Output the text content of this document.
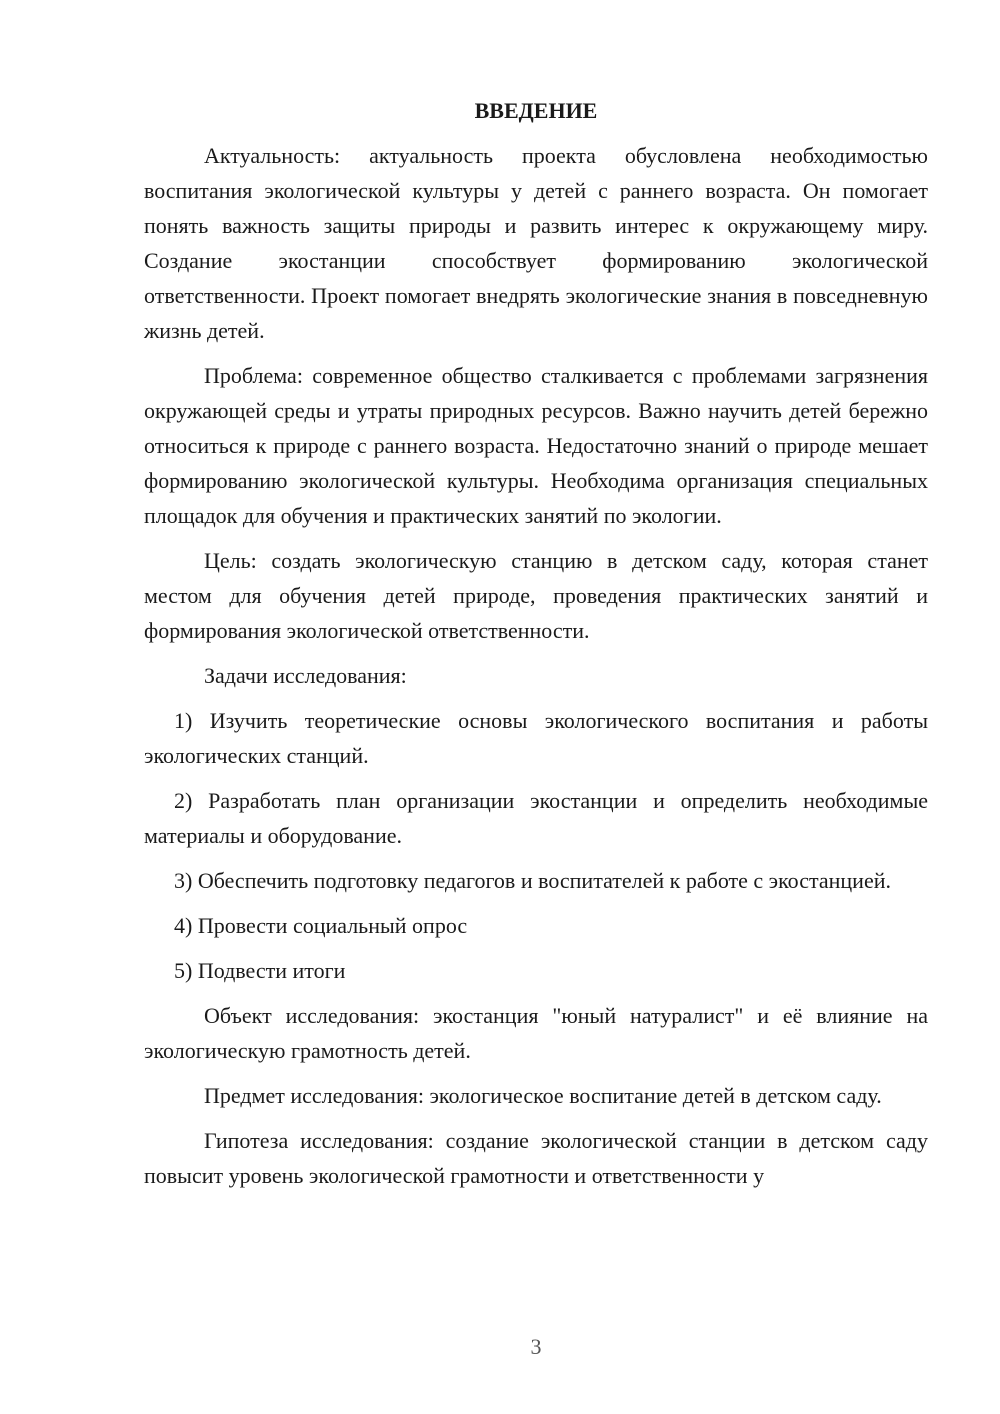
ВВЕДЕНИЕ

Актуальность: актуальность проекта обусловлена необходимостью воспитания экологической культуры у детей с раннего возраста. Он помогает понять важность защиты природы и развить интерес к окружающему миру. Создание экостанции способствует формированию экологической ответственности. Проект помогает внедрять экологические знания в повседневную жизнь детей.

Проблема: современное общество сталкивается с проблемами загрязнения окружающей среды и утраты природных ресурсов. Важно научить детей бережно относиться к природе с раннего возраста. Недостаточно знаний о природе мешает формированию экологической культуры. Необходима организация специальных площадок для обучения и практических занятий по экологии.

Цель: создать экологическую станцию в детском саду, которая станет местом для обучения детей природе, проведения практических занятий и формирования экологической ответственности.

Задачи исследования:

1) Изучить теоретические основы экологического воспитания и работы экологических станций.

2) Разработать план организации экостанции и определить необходимые материалы и оборудование.

3) Обеспечить подготовку педагогов и воспитателей к работе с экостанцией.

4) Провести социальный опрос

5) Подвести итоги

Объект исследования: экостанция "юный натуралист" и её влияние на экологическую грамотность детей.

Предмет исследования: экологическое воспитание детей в детском саду.

Гипотеза исследования: создание экологической станции в детском саду повысит уровень экологической грамотности и ответственности у

3
